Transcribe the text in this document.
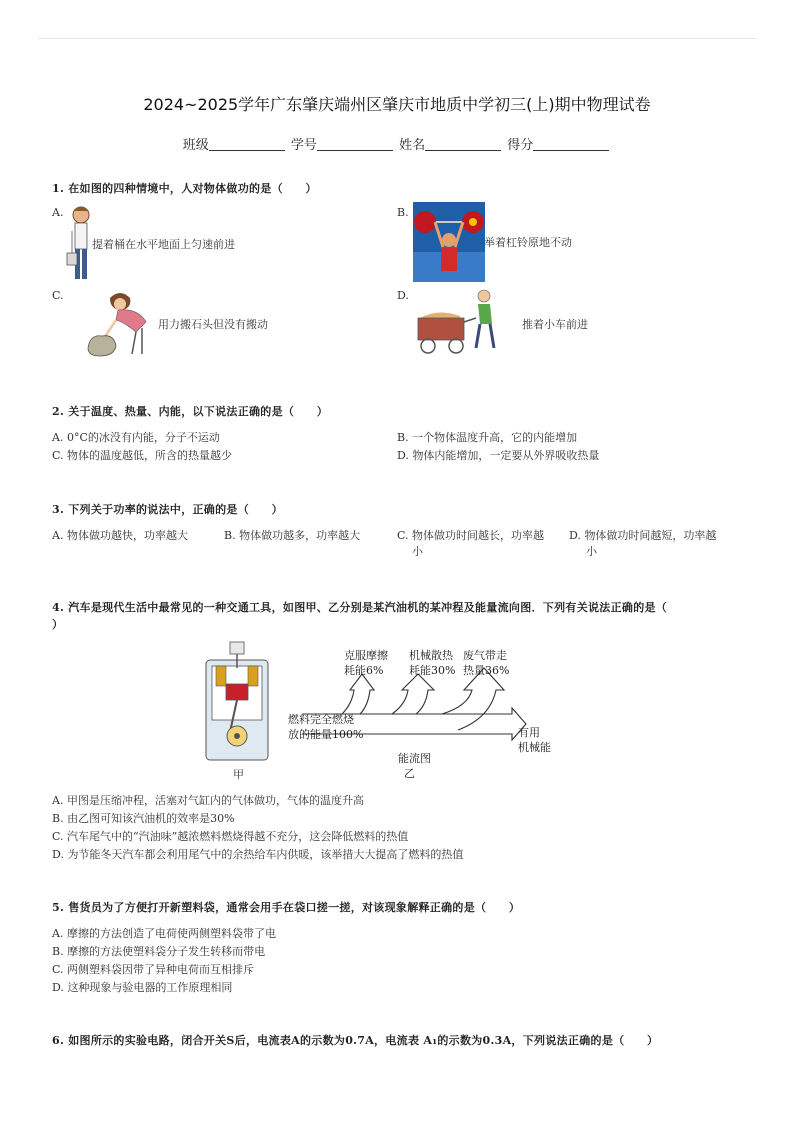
2024~2025学年广东肇庆端州区肇庆市地质中学初三(上)期中物理试卷
班级	学号	姓名	得分
1. 在如图的四种情境中，人对物体做功的是（　　）
A.
提着桶在水平地面上匀速前进
B.
举着杠铃原地不动
C.
用力搬石头但没有搬动
D.
推着小车前进
2. 关于温度、热量、内能，以下说法正确的是（　　）
A. 0°C的冰没有内能，分子不运动	B. 一个物体温度升高，它的内能增加
C. 物体的温度越低，所含的热量越少	D. 物体内能增加，一定要从外界吸收热量
3. 下列关于功率的说法中，正确的是（　　）
A. 物体做功越快，功率越大	B. 物体做功越多，功率越大	C. 物体做功时间越长，功率越
小
D. 物体做功时间越短，功率越
小
4. 汽车是现代生活中最常见的一种交通工具，如图甲、乙分别是某汽油机的某冲程及能量流向图．下列有关说法正确的是（
）
甲
克服摩擦
耗能6%
机械散热
耗能30%
废气带走
热量36%
燃料完全燃烧
放的能量100%	有用
机械能
能流图
乙
A. 甲图是压缩冲程，活塞对气缸内的气体做功，气体的温度升高
B. 由乙图可知该汽油机的效率是30%
C. 汽车尾气中的“汽油味”越浓燃料燃烧得越不充分，这会降低燃料的热值
D. 为节能冬天汽车都会利用尾气中的余热给车内供暖，该举措大大提高了燃料的热值
5. 售货员为了方便打开新塑料袋，通常会用手在袋口搓一搓，对该现象解释正确的是（　　）
A. 摩擦的方法创造了电荷使两侧塑料袋带了电
B. 摩擦的方法使塑料袋分子发生转移而带电
C. 两侧塑料袋因带了异种电荷而互相排斥
D. 这种现象与验电器的工作原理相同
6. 如图所示的实验电路，闭合开关S后，电流表A的示数为0.7A，电流表 A₁的示数为0.3A，下列说法正确的是（　　）
